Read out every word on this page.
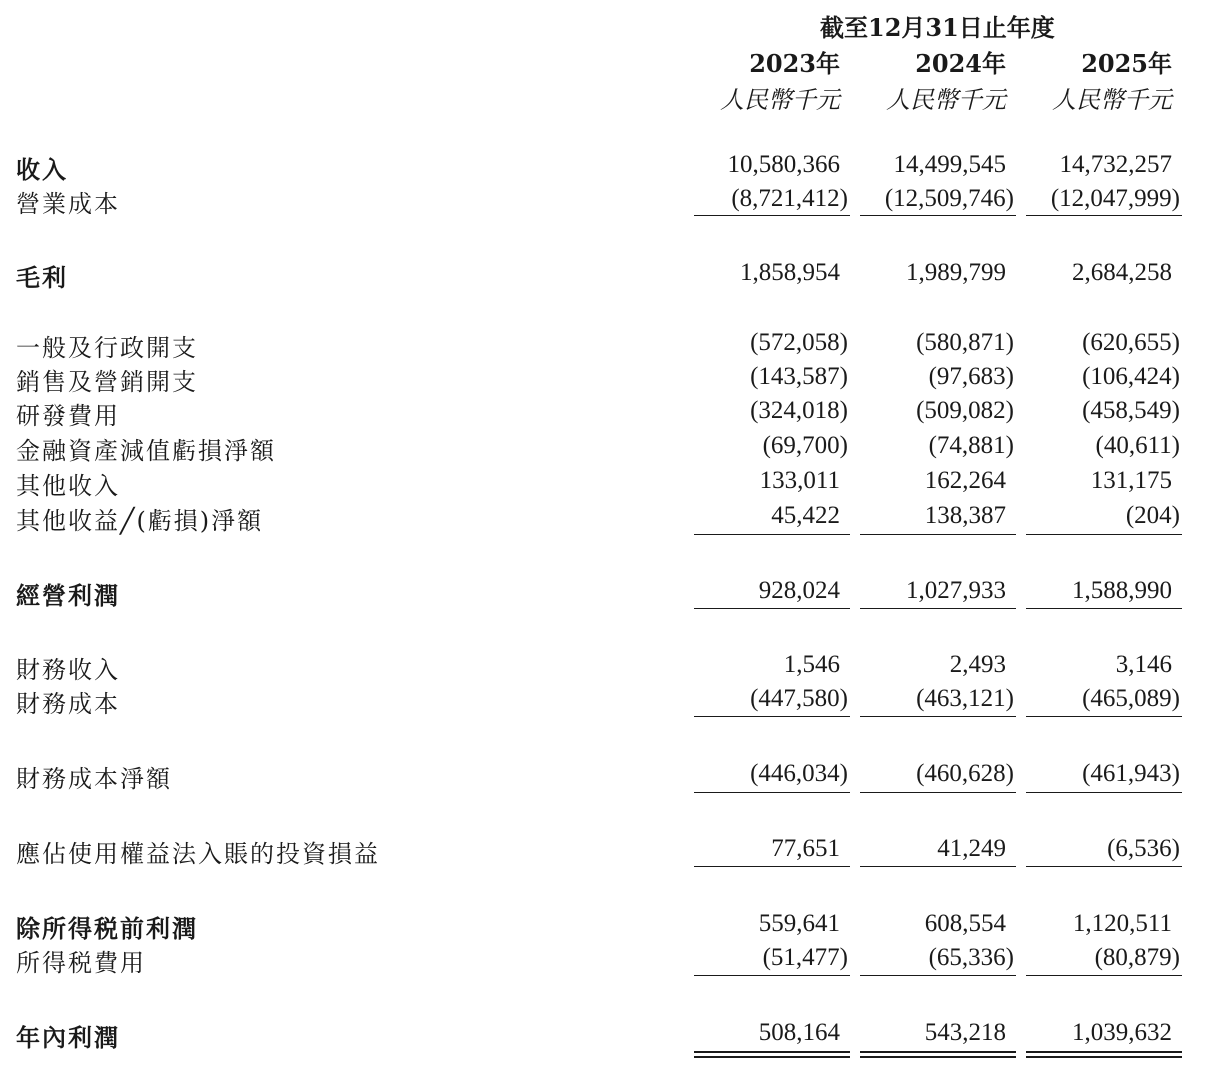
截至12月31日止年度
2023年	2024年	2025年
人民幣千元 人民幣千元 人民幣千元
收入	10,580,366 14,499,545 14,732,257
營業成本	(8,721,412) (12,509,746) (12,047,999)
毛利	1,858,954	1,989,799	2,684,258
一般及行政開支	(572,058)	(580,871)	(620,655)
銷售及營銷開支	(143,587)	(97,683)	(106,424)
研發費用	(324,018)	(509,082)	(458,549)
金融資產減值虧損淨額	(69,700)	(74,881)	(40,611)
其他收入	133,011	162,264	131,175
其他收益╱(虧損)淨額	45,422	138,387	(204)
經營利潤	928,024	1,027,933	1,588,990
財務收入	1,546	2,493	3,146
財務成本	(447,580)	(463,121)	(465,089)
財務成本淨額	(446,034)	(460,628)	(461,943)
應佔使用權益法入賬的投資損益	77,651	41,249	(6,536)
除所得税前利潤	559,641	608,554	1,120,511
所得税費用	(51,477)	(65,336)	(80,879)
年內利潤	508,164	543,218	1,039,632
